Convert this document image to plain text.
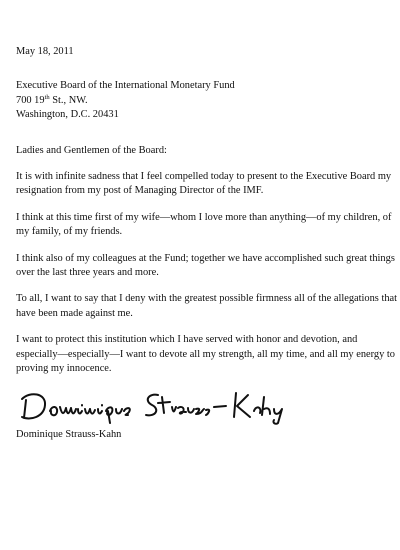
May 18, 2011
Executive Board of the International Monetary Fund
700 19th St., NW.
Washington, D.C. 20431
Ladies and Gentlemen of the Board:
It is with infinite sadness that I feel compelled today to present to the Executive Board my
resignation from my post of Managing Director of the IMF.
I think at this time first of my wife—whom I love more than anything—of my children, of
my family, of my friends.
I think also of my colleagues at the Fund; together we have accomplished such great things
over the last three years and more.
To all, I want to say that I deny with the greatest possible firmness all of the allegations that
have been made against me.
I want to protect this institution which I have served with honor and devotion, and
especially—especially—I want to devote all my strength, all my time, and all my energy to
proving my innocence.
Dominique Strauss-Kahn
